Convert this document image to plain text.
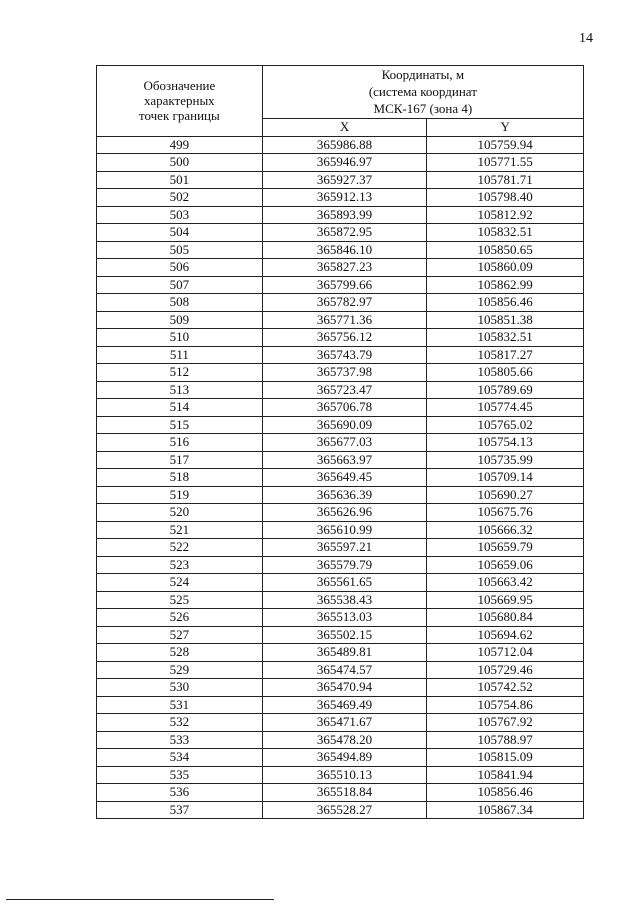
14
Обозначение
характерных
точек границы	Координаты, м
(система координат
МСК-167 (зона 4)	

	X	Y
499	365986.88	105759.94
500	365946.97	105771.55
501	365927.37	105781.71
502	365912.13	105798.40
503	365893.99	105812.92
504	365872.95	105832.51
505	365846.10	105850.65
506	365827.23	105860.09
507	365799.66	105862.99
508	365782.97	105856.46
509	365771.36	105851.38
510	365756.12	105832.51
511	365743.79	105817.27
512	365737.98	105805.66
513	365723.47	105789.69
514	365706.78	105774.45
515	365690.09	105765.02
516	365677.03	105754.13
517	365663.97	105735.99
518	365649.45	105709.14
519	365636.39	105690.27
520	365626.96	105675.76
521	365610.99	105666.32
522	365597.21	105659.79
523	365579.79	105659.06
524	365561.65	105663.42
525	365538.43	105669.95
526	365513.03	105680.84
527	365502.15	105694.62
528	365489.81	105712.04
529	365474.57	105729.46
530	365470.94	105742.52
531	365469.49	105754.86
532	365471.67	105767.92
533	365478.20	105788.97
534	365494.89	105815.09
535	365510.13	105841.94
536	365518.84	105856.46
537	365528.27	105867.34
